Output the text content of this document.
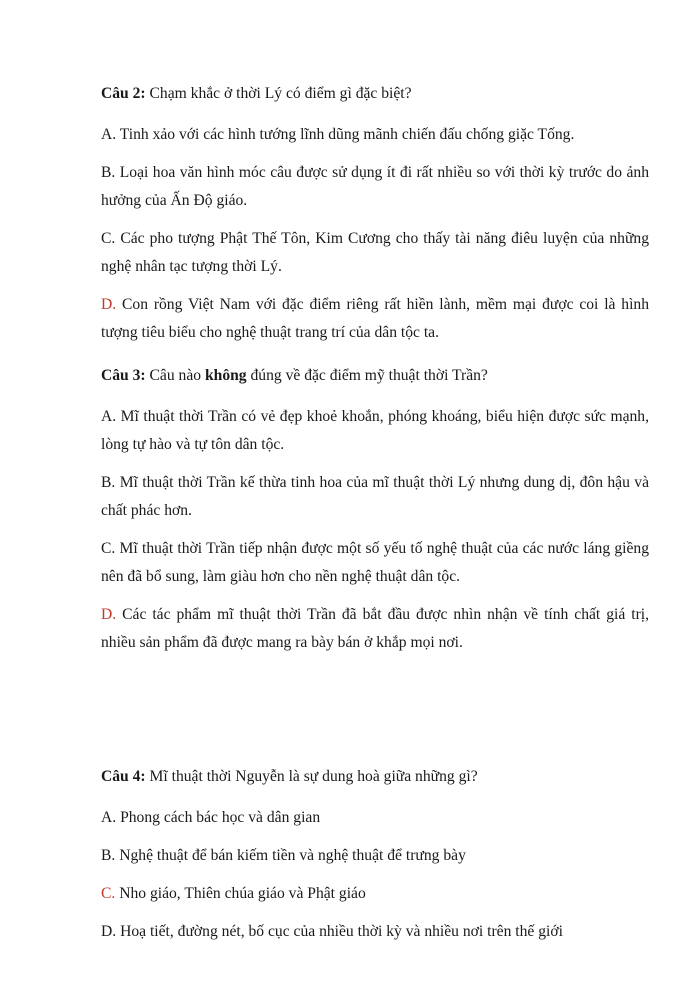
Câu 2: Chạm khắc ở thời Lý có điểm gì đặc biệt?

A. Tinh xảo với các hình tướng lĩnh dũng mãnh chiến đấu chống giặc Tống.

B. Loại hoa văn hình móc câu được sử dụng ít đi rất nhiều so với thời kỳ trước do ảnh hưởng của Ấn Độ giáo.

C. Các pho tượng Phật Thế Tôn, Kim Cương cho thấy tài năng điêu luyện của những nghệ nhân tạc tượng thời Lý.

D. Con rồng Việt Nam với đặc điểm riêng rất hiền lành, mềm mại được coi là hình tượng tiêu biểu cho nghệ thuật trang trí của dân tộc ta.

Câu 3: Câu nào không đúng về đặc điểm mỹ thuật thời Trần?

A. Mĩ thuật thời Trần có vẻ đẹp khoẻ khoắn, phóng khoáng, biểu hiện được sức mạnh, lòng tự hào và tự tôn dân tộc.

B. Mĩ thuật thời Trần kế thừa tinh hoa của mĩ thuật thời Lý nhưng dung dị, đôn hậu và chất phác hơn.

C. Mĩ thuật thời Trần tiếp nhận được một số yếu tố nghệ thuật của các nước láng giềng nên đã bổ sung, làm giàu hơn cho nền nghệ thuật dân tộc.

D. Các tác phẩm mĩ thuật thời Trần đã bắt đầu được nhìn nhận về tính chất giá trị, nhiều sản phẩm đã được mang ra bày bán ở khắp mọi nơi.

Câu 4: Mĩ thuật thời Nguyễn là sự dung hoà giữa những gì?

A. Phong cách bác học và dân gian

B. Nghệ thuật để bán kiếm tiền và nghệ thuật để trưng bày

C. Nho giáo, Thiên chúa giáo và Phật giáo

D. Hoạ tiết, đường nét, bố cục của nhiều thời kỳ và nhiều nơi trên thế giới
